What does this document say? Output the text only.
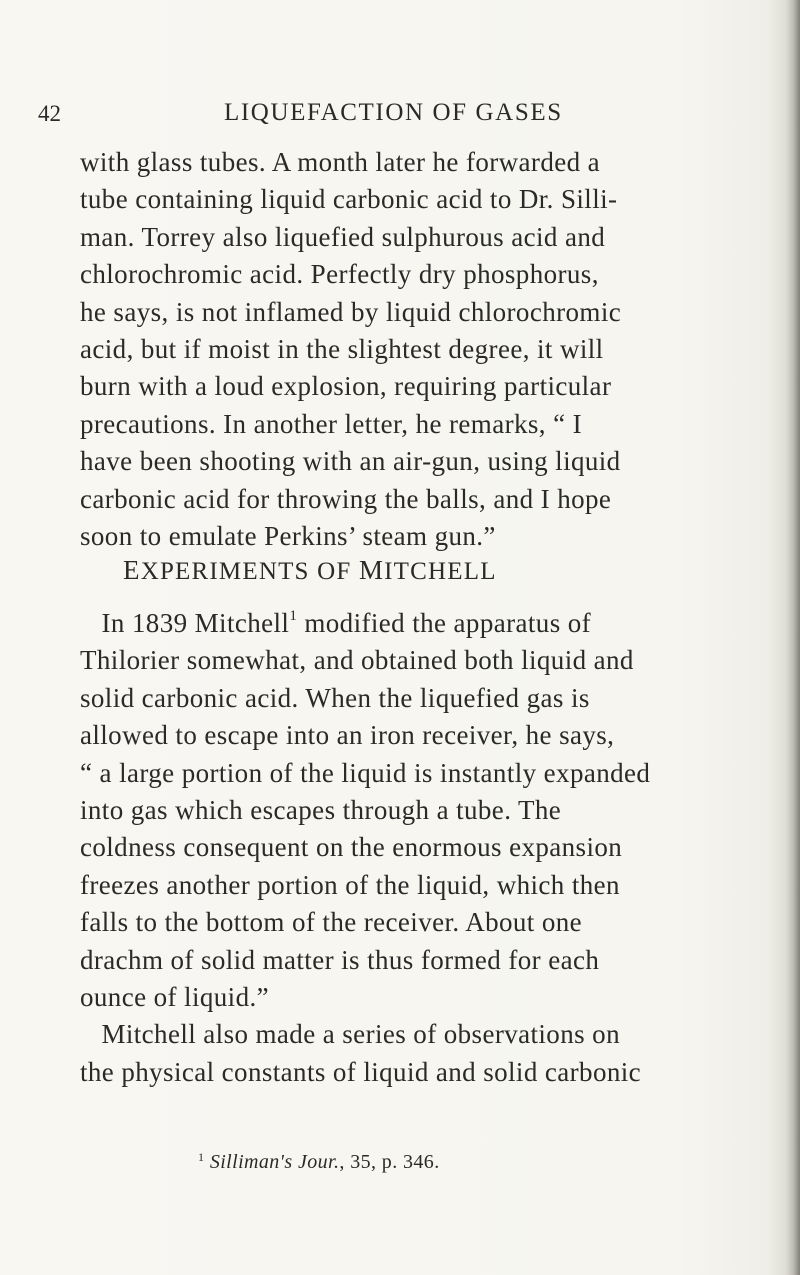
42	LIQUEFACTION OF GASES
with glass tubes. A month later he forwarded a
tube containing liquid carbonic acid to Dr. Silli-
man. Torrey also liquefied sulphurous acid and
chlorochromic acid. Perfectly dry phosphorus,
he says, is not inflamed by liquid chlorochromic
acid, but if moist in the slightest degree, it will
burn with a loud explosion, requiring particular
precautions. In another letter, he remarks, “ I
have been shooting with an air-gun, using liquid
carbonic acid for throwing the balls, and I hope
soon to emulate Perkins’ steam gun.”
EXPERIMENTS OF MITCHELL
In 1839 Mitchell$^1$ modified the apparatus of
Thilorier somewhat, and obtained both liquid and
solid carbonic acid. When the liquefied gas is
allowed to escape into an iron receiver, he says,
“ a large portion of the liquid is instantly expanded
into gas which escapes through a tube. The
coldness consequent on the enormous expansion
freezes another portion of the liquid, which then
falls to the bottom of the receiver. About one
drachm of solid matter is thus formed for each
ounce of liquid.”
Mitchell also made a series of observations on
the physical constants of liquid and solid carbonic
$^1$ Silliman's Jour., 35, p. 346.
